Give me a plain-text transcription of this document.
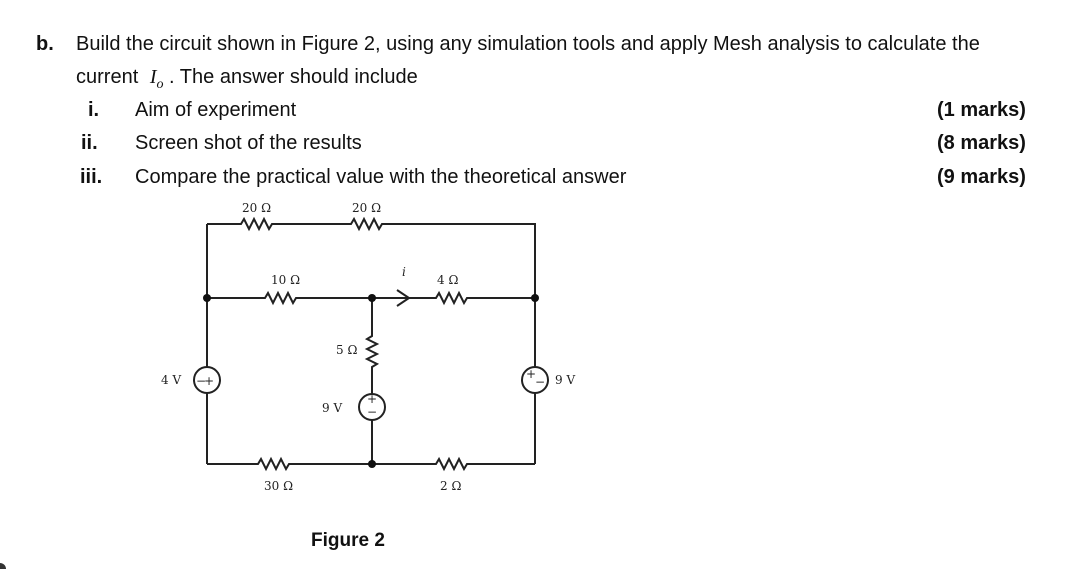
b. Build the circuit shown in Figure 2, using any simulation tools and apply Mesh analysis to calculate the
current $I_o$ . The answer should include
i. Aim of experiment	(1 marks)
ii. Screen shot of the results	(8 marks)
iii. Compare the practical value with the theoretical answer	(9 marks)
+
−
+
−
+
−
20 Ω	20 Ω
10 Ω
i
4 Ω
5 Ω
4 V
9 V
9 V
30 Ω	2 Ω
Figure 2
